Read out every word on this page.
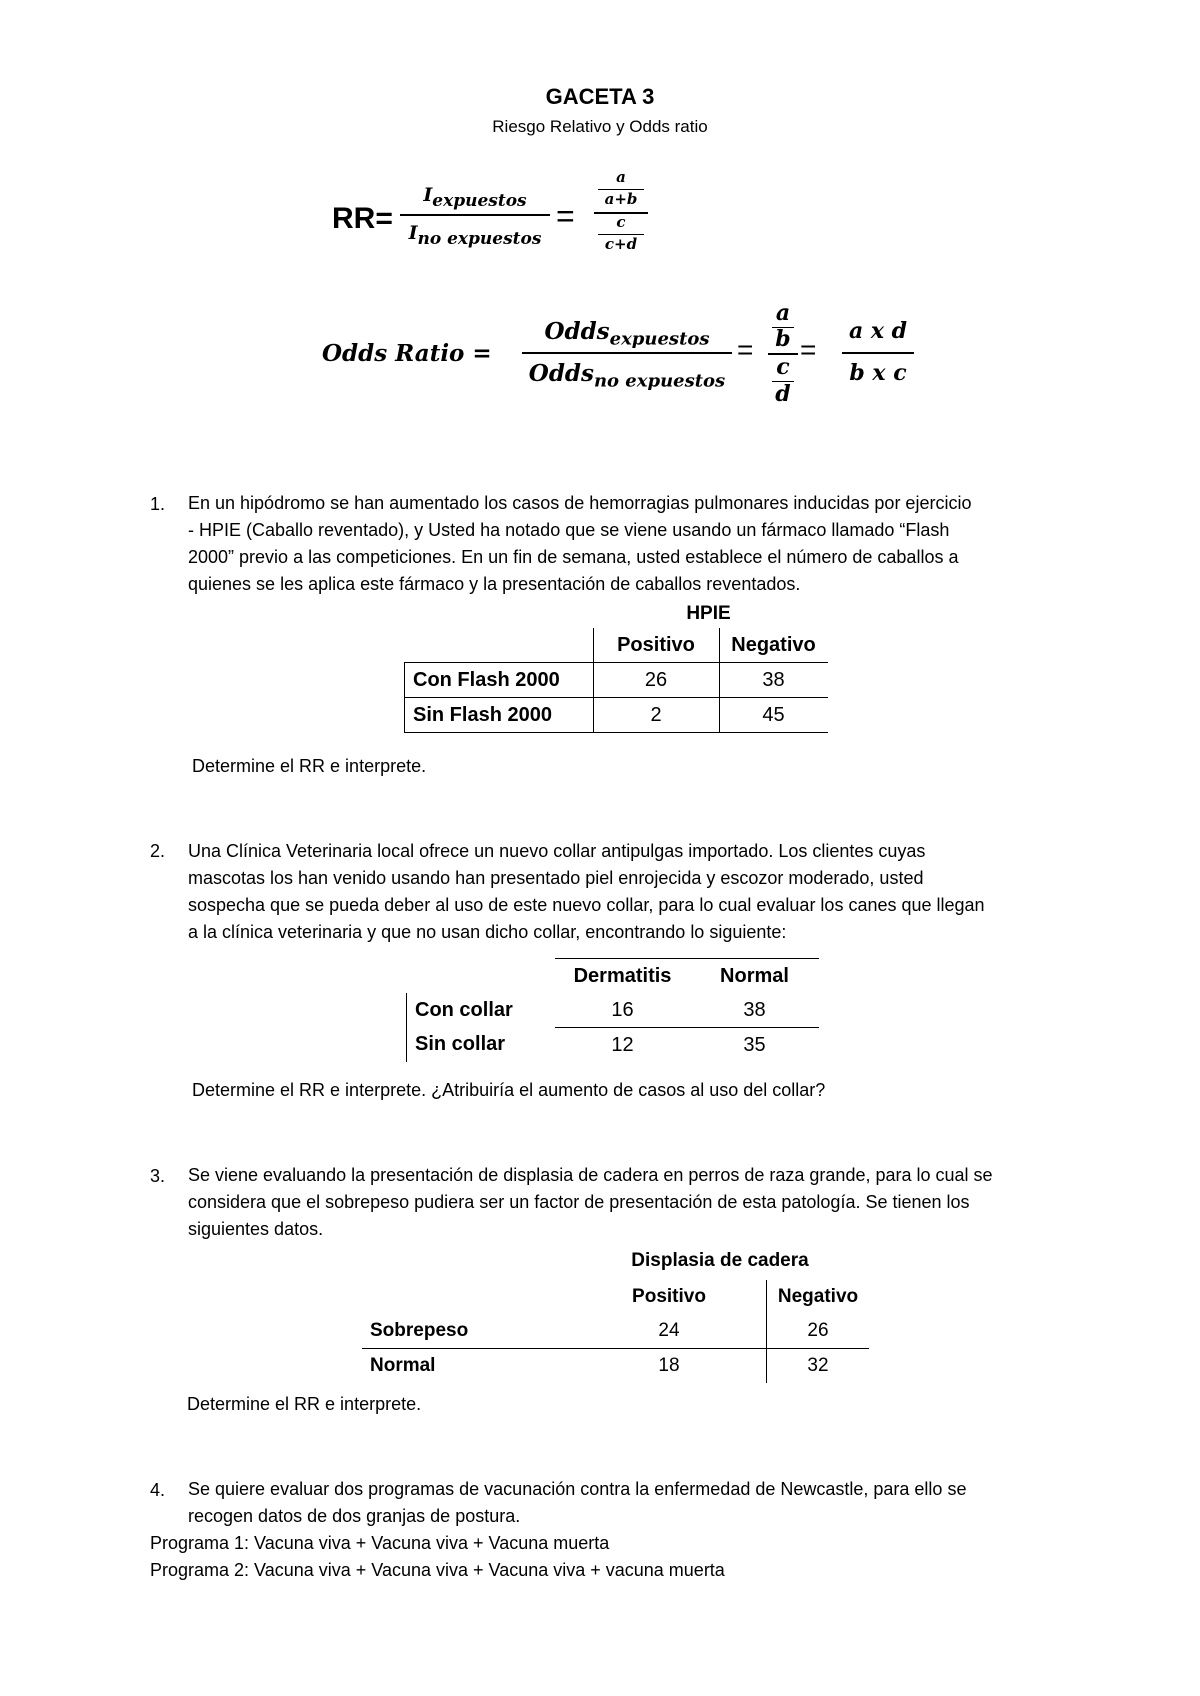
GACETA 3
Riesgo Relativo y Odds ratio
RR=
$I_{expuestos}$
$I_{no expuestos}$
=
a
a+b
c
c+d
Odds Ratio =
Odds$_{expuestos}$
Odds$_{no expuestos}$
=
a
b
c
d
=
a x d
b x c
1. En un hipódromo se han aumentado los casos de hemorragias pulmonares inducidas por ejercicio
- HPIE (Caballo reventado), y Usted ha notado que se viene usando un fármaco llamado “Flash
2000” previo a las competiciones. En un fin de semana, usted establece el número de caballos a
quienes se les aplica este fármaco y la presentación de caballos reventados.
HPIE
	Positivo	Negativo
Con Flash 2000	26	38
Sin Flash 2000	2	45
Determine el RR e interprete.
2. Una Clínica Veterinaria local ofrece un nuevo collar antipulgas importado. Los clientes cuyas
mascotas los han venido usando han presentado piel enrojecida y escozor moderado, usted
sospecha que se pueda deber al uso de este nuevo collar, para lo cual evaluar los canes que llegan
a la clínica veterinaria y que no usan dicho collar, encontrando lo siguiente:
	Dermatitis	Normal
Con collar	16	38
Sin collar	12	35
Determine el RR e interprete. ¿Atribuiría el aumento de casos al uso del collar?
3. Se viene evaluando la presentación de displasia de cadera en perros de raza grande, para lo cual se
considera que el sobrepeso pudiera ser un factor de presentación de esta patología. Se tienen los
siguientes datos.
Displasia de cadera
	Positivo	Negativo
Sobrepeso	24	26
Normal	18	32
Determine el RR e interprete.
4. Se quiere evaluar dos programas de vacunación contra la enfermedad de Newcastle, para ello se
recogen datos de dos granjas de postura.
Programa 1: Vacuna viva + Vacuna viva + Vacuna muerta
Programa 2: Vacuna viva + Vacuna viva + Vacuna viva + vacuna muerta
